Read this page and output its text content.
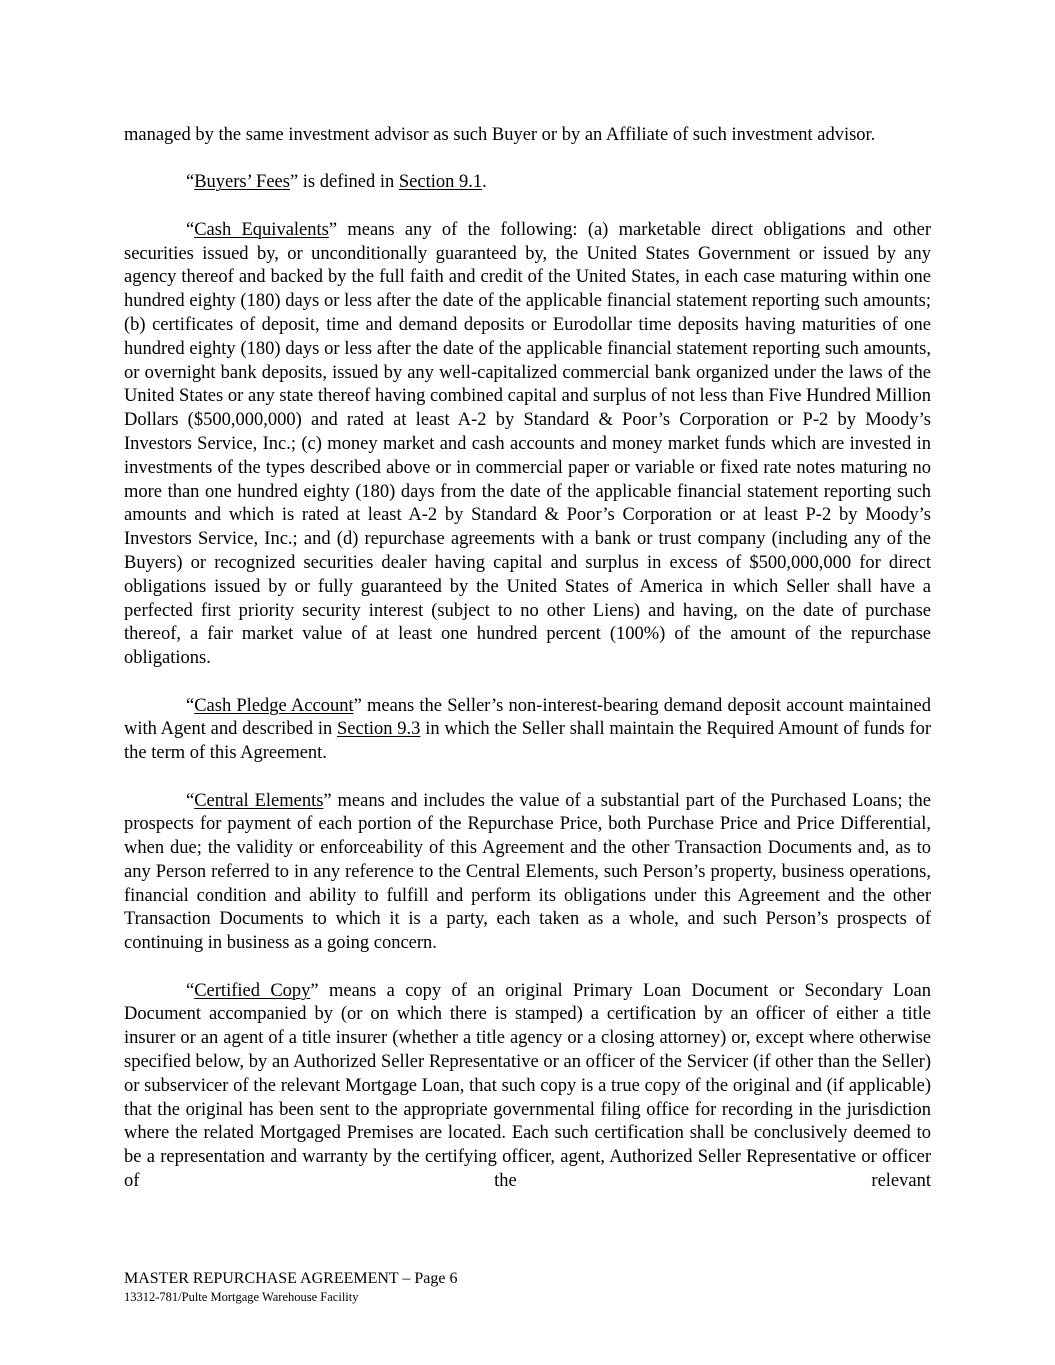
managed by the same investment advisor as such Buyer or by an Affiliate of such investment advisor.

“Buyers’ Fees” is defined in Section 9.1.

“Cash Equivalents” means any of the following: (a) marketable direct obligations and other securities issued by, or unconditionally guaranteed by, the United States Government or issued by any agency thereof and backed by the full faith and credit of the United States, in each case maturing within one hundred eighty (180) days or less after the date of the applicable financial statement reporting such amounts; (b) certificates of deposit, time and demand deposits or Eurodollar time deposits having maturities of one hundred eighty (180) days or less after the date of the applicable financial statement reporting such amounts, or overnight bank deposits, issued by any well-capitalized commercial bank organized under the laws of the United States or any state thereof having combined capital and surplus of not less than Five Hundred Million Dollars ($500,000,000) and rated at least A-2 by Standard & Poor’s Corporation or P-2 by Moody’s Investors Service, Inc.; (c) money market and cash accounts and money market funds which are invested in investments of the types described above or in commercial paper or variable or fixed rate notes maturing no more than one hundred eighty (180) days from the date of the applicable financial statement reporting such amounts and which is rated at least A-2 by Standard & Poor’s Corporation or at least P-2 by Moody’s Investors Service, Inc.; and (d) repurchase agreements with a bank or trust company (including any of the Buyers) or recognized securities dealer having capital and surplus in excess of $500,000,000 for direct obligations issued by or fully guaranteed by the United States of America in which Seller shall have a perfected first priority security interest (subject to no other Liens) and having, on the date of purchase thereof, a fair market value of at least one hundred percent (100%) of the amount of the repurchase obligations.

“Cash Pledge Account” means the Seller’s non-interest-bearing demand deposit account maintained with Agent and described in Section 9.3 in which the Seller shall maintain the Required Amount of funds for the term of this Agreement.

“Central Elements” means and includes the value of a substantial part of the Purchased Loans; the prospects for payment of each portion of the Repurchase Price, both Purchase Price and Price Differential, when due; the validity or enforceability of this Agreement and the other Transaction Documents and, as to any Person referred to in any reference to the Central Elements, such Person’s property, business operations, financial condition and ability to fulfill and perform its obligations under this Agreement and the other Transaction Documents to which it is a party, each taken as a whole, and such Person’s prospects of continuing in business as a going concern.

“Certified Copy” means a copy of an original Primary Loan Document or Secondary Loan Document accompanied by (or on which there is stamped) a certification by an officer of either a title insurer or an agent of a title insurer (whether a title agency or a closing attorney) or, except where otherwise specified below, by an Authorized Seller Representative or an officer of the Servicer (if other than the Seller) or subservicer of the relevant Mortgage Loan, that such copy is a true copy of the original and (if applicable) that the original has been sent to the appropriate governmental filing office for recording in the jurisdiction where the related Mortgaged Premises are located. Each such certification shall be conclusively deemed to be a representation and warranty by the certifying officer, agent, Authorized Seller Representative or officer of the relevant

MASTER REPURCHASE AGREEMENT – Page 6
13312-781/Pulte Mortgage Warehouse Facility
